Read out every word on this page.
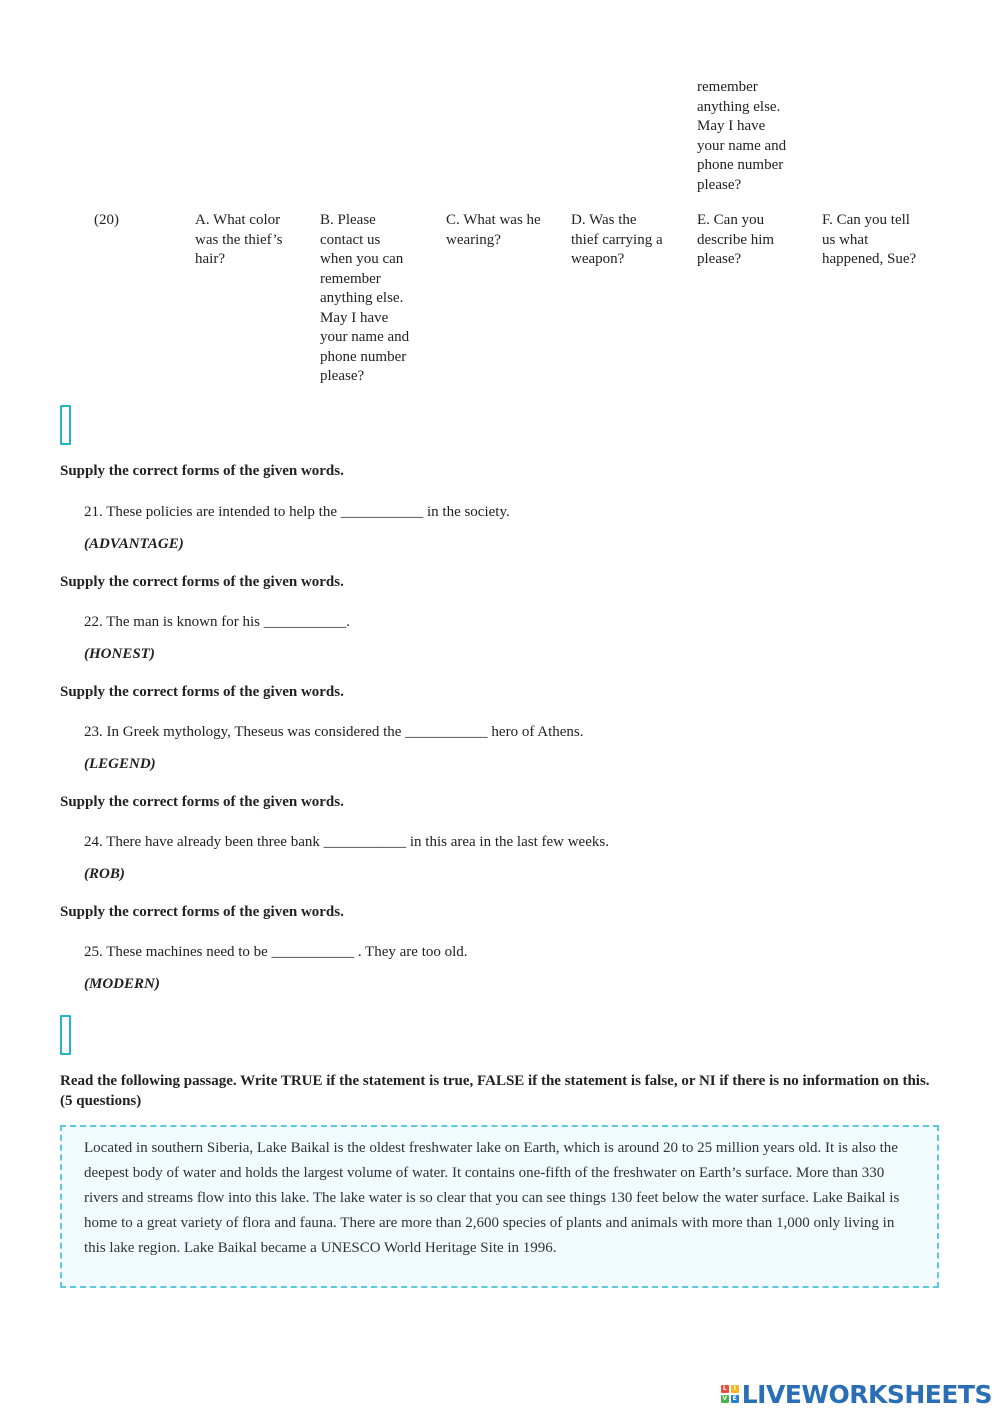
remember
anything else.
May I have
your name and
phone number
please?
(20)	A. What color
was the thief’s
hair?
B. Please
contact us
when you can
remember
anything else.
May I have
your name and
phone number
please?
C. What was he
wearing?
D. Was the
thief carrying a
weapon?
E. Can you
describe him
please?
F. Can you tell
us what
happened, Sue?
Supply the correct forms of the given words.
21. These policies are intended to help the ___________ in the society.
(ADVANTAGE)
Supply the correct forms of the given words.
22. The man is known for his ___________.
(HONEST)
Supply the correct forms of the given words.
23. In Greek mythology, Theseus was considered the ___________ hero of Athens.
(LEGEND)
Supply the correct forms of the given words.
24. There have already been three bank ___________ in this area in the last few weeks.
(ROB)
Supply the correct forms of the given words.
25. These machines need to be ___________ . They are too old.
(MODERN)
Read the following passage. Write TRUE if the statement is true, FALSE if the statement is false, or NI if there is no information on this. (5 questions)
Located in southern Siberia, Lake Baikal is the oldest freshwater lake on Earth, which is around 20 to 25 million years old. It is also the deepest body of water and holds the largest volume of water. It contains one-fifth of the freshwater on Earth’s surface. More than 330 rivers and streams flow into this lake. The lake water is so clear that you can see things 130 feet below the water surface. Lake Baikal is home to a great variety of flora and fauna. There are more than 2,600 species of plants and animals with more than 1,000 only living in this lake region. Lake Baikal became a UNESCO World Heritage Site in 1996.
L	I
V E LIVEWORKSHEETS
